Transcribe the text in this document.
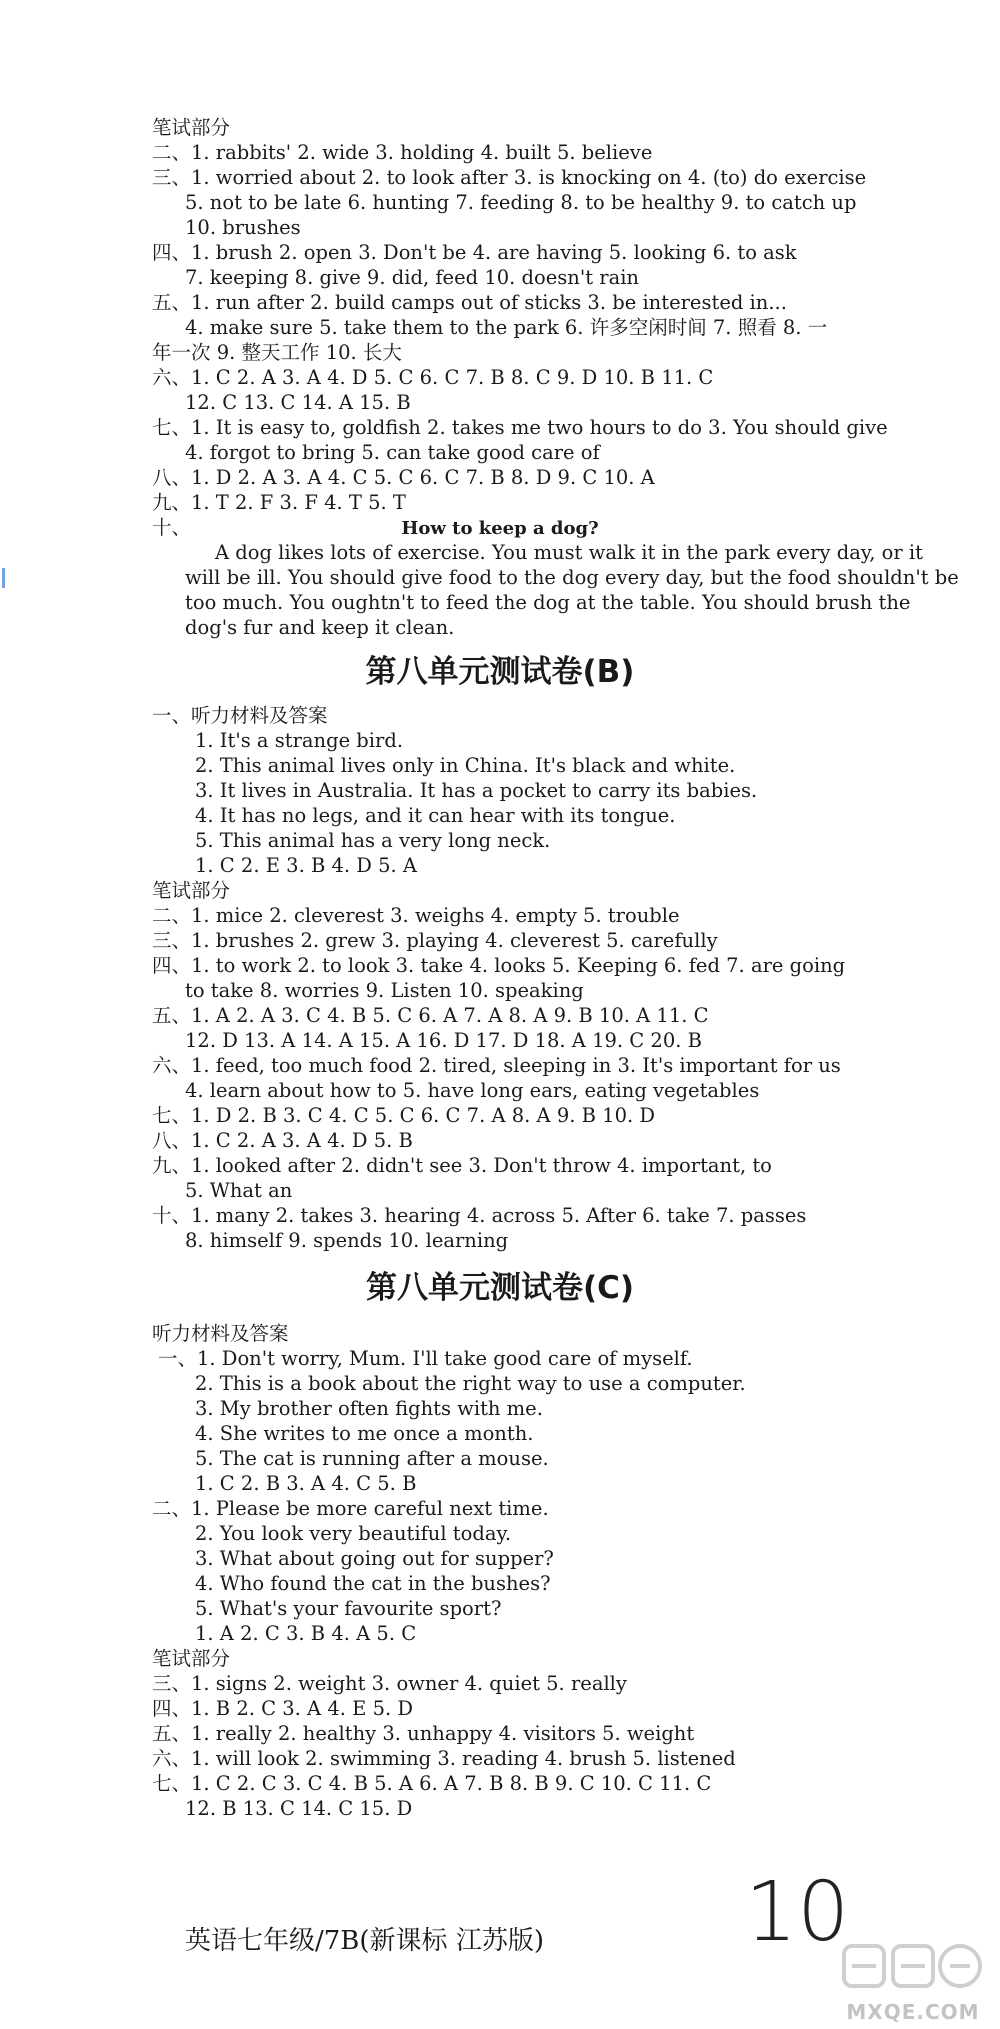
笔试部分
二、1. rabbits' 2. wide 3. holding 4. built 5. believe
三、1. worried about 2. to look after 3. is knocking on 4. (to) do exercise
5. not to be late 6. hunting 7. feeding 8. to be healthy 9. to catch up
10. brushes
四、1. brush 2. open 3. Don't be 4. are having 5. looking 6. to ask
7. keeping 8. give 9. did, feed 10. doesn't rain
五、1. run after 2. build camps out of sticks 3. be interested in...
4. make sure 5. take them to the park 6. 许多空闲时间 7. 照看 8. 一
年一次 9. 整天工作 10. 长大
六、1. C 2. A 3. A 4. D 5. C 6. C 7. B 8. C 9. D 10. B 11. C
12. C 13. C 14. A 15. B
七、1. It is easy to, goldfish 2. takes me two hours to do 3. You should give
4. forgot to bring 5. can take good care of
八、1. D 2. A 3. A 4. C 5. C 6. C 7. B 8. D 9. C 10. A
九、1. T 2. F 3. F 4. T 5. T
十、	How to keep a dog?
A dog likes lots of exercise. You must walk it in the park every day, or it
will be ill. You should give food to the dog every day, but the food shouldn't be
too much. You oughtn't to feed the dog at the table. You should brush the
dog's fur and keep it clean.
第八单元测试卷(B)
一、听力材料及答案
1. It's a strange bird.
2. This animal lives only in China. It's black and white.
3. It lives in Australia. It has a pocket to carry its babies.
4. It has no legs, and it can hear with its tongue.
5. This animal has a very long neck.
1. C 2. E 3. B 4. D 5. A
笔试部分
二、1. mice 2. cleverest 3. weighs 4. empty 5. trouble
三、1. brushes 2. grew 3. playing 4. cleverest 5. carefully
四、1. to work 2. to look 3. take 4. looks 5. Keeping 6. fed 7. are going
to take 8. worries 9. Listen 10. speaking
五、1. A 2. A 3. C 4. B 5. C 6. A 7. A 8. A 9. B 10. A 11. C
12. D 13. A 14. A 15. A 16. D 17. D 18. A 19. C 20. B
六、1. feed, too much food 2. tired, sleeping in 3. It's important for us
4. learn about how to 5. have long ears, eating vegetables
七、1. D 2. B 3. C 4. C 5. C 6. C 7. A 8. A 9. B 10. D
八、1. C 2. A 3. A 4. D 5. B
九、1. looked after 2. didn't see 3. Don't throw 4. important, to
5. What an
十、1. many 2. takes 3. hearing 4. across 5. After 6. take 7. passes
8. himself 9. spends 10. learning
第八单元测试卷(C)
听力材料及答案
一、1. Don't worry, Mum. I'll take good care of myself.
2. This is a book about the right way to use a computer.
3. My brother often fights with me.
4. She writes to me once a month.
5. The cat is running after a mouse.
1. C 2. B 3. A 4. C 5. B
二、1. Please be more careful next time.
2. You look very beautiful today.
3. What about going out for supper?
4. Who found the cat in the bushes?
5. What's your favourite sport?
1. A 2. C 3. B 4. A 5. C
笔试部分
三、1. signs 2. weight 3. owner 4. quiet 5. really
四、1. B 2. C 3. A 4. E 5. D
五、1. really 2. healthy 3. unhappy 4. visitors 5. weight
六、1. will look 2. swimming 3. reading 4. brush 5. listened
七、1. C 2. C 3. C 4. B 5. A 6. A 7. B 8. B 9. C 10. C 11. C
12. B 13. C 14. C 15. D
英语七年级/7B(新课标 江苏版) 10
MXQE.COM
